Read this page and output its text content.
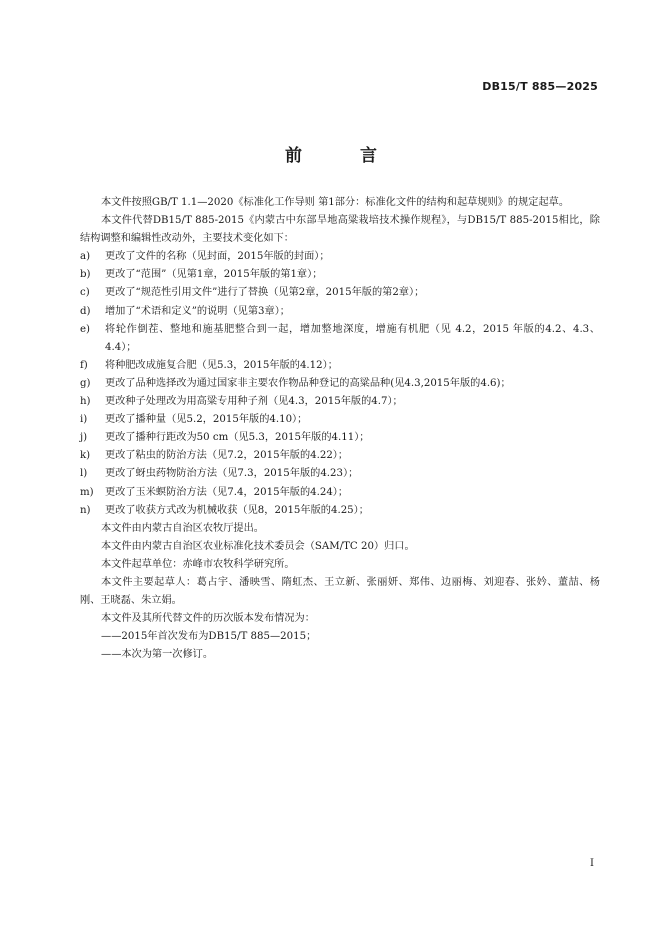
DB15/T 885—2025
前 言

本文件按照GB/T 1.1—2020《标准化工作导则 第1部分：标准化文件的结构和起草规则》的规定起草。

本文件代替DB15/T 885-2015《内蒙古中东部旱地高粱栽培技术操作规程》，与DB15/T 885-2015相比，除结构调整和编辑性改动外，主要技术变化如下：

a)	更改了文件的名称（见封面，2015年版的封面）；
b)	更改了“范围”（见第1章，2015年版的第1章）；
c)	更改了“规范性引用文件”进行了替换（见第2章，2015年版的第2章）；
d)	增加了“术语和定义”的说明（见第3章）；
e)	将轮作倒茬、整地和施基肥整合到一起，增加整地深度，增施有机肥（见 4.2，2015 年版的4.2、4.3、4.4）；
f)	将种肥改成施复合肥（见5.3，2015年版的4.12）；
g)	更改了品种选择改为通过国家非主要农作物品种登记的高粱品种(见4.3,2015年版的4.6)；
h)	更改种子处理改为用高粱专用种子剂（见4.3，2015年版的4.7）；
i)	更改了播种量（见5.2，2015年版的4.10）；
j)	更改了播种行距改为50 cm（见5.3，2015年版的4.11）；
k)	更改了粘虫的防治方法（见7.2，2015年版的4.22）；
l)	更改了蚜虫药物防治方法（见7.3，2015年版的4.23）；
m)	更改了玉米螟防治方法（见7.4，2015年版的4.24）；
n)	更改了收获方式改为机械收获（见8，2015年版的4.25）；

本文件由内蒙古自治区农牧厅提出。

本文件由内蒙古自治区农业标准化技术委员会（SAM/TC 20）归口。

本文件起草单位：赤峰市农牧科学研究所。

本文件主要起草人：葛占宇、潘映雪、隋虹杰、王立新、张丽妍、郑伟、边丽梅、刘迎春、张妗、董喆、杨刚、王晓磊、朱立娟。

本文件及其所代替文件的历次版本发布情况为：

——2015年首次发布为DB15/T 885—2015；

——本次为第一次修订。

I
